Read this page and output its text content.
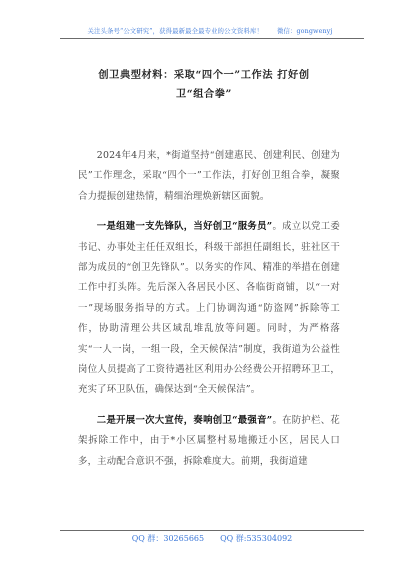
关注头条号“公文研究”，获得最新最全最专业的公文资料库！ 微信：gongwenyj
创卫典型材料：采取“四个一”工作法 打好创卫“组合拳”

2024年4月来，*街道坚持“创建惠民、创建利民、创建为民”工作理念，采取“四个一”工作法，打好创卫组合拳，凝聚合力提振创建热情，精细治理焕新辖区面貌。

一是组建一支先锋队，当好创卫“服务员”。成立以党工委书记、办事处主任任双组长，科级干部担任副组长，驻社区干部为成员的“创卫先锋队”。以务实的作风、精准的举措在创建工作中打头阵。先后深入各居民小区、各临街商铺，以“一对一”现场服务指导的方式。上门协调沟通“防盗网”拆除等工作，协助清理公共区域乱堆乱放等问题。同时，为严格落实“一人一岗，一组一段，全天候保洁”制度，我街道为公益性岗位人员提高了工资待遇社区利用办公经费公开招聘环卫工，充实了环卫队伍，确保达到“全天候保洁”。

二是开展一次大宣传，奏响创卫“最强音”。在防护栏、花架拆除工作中，由于*小区属整村易地搬迁小区，居民人口多，主动配合意识不强，拆除难度大。前期，我街道建

QQ 群：30265665 QQ 群:535304092
